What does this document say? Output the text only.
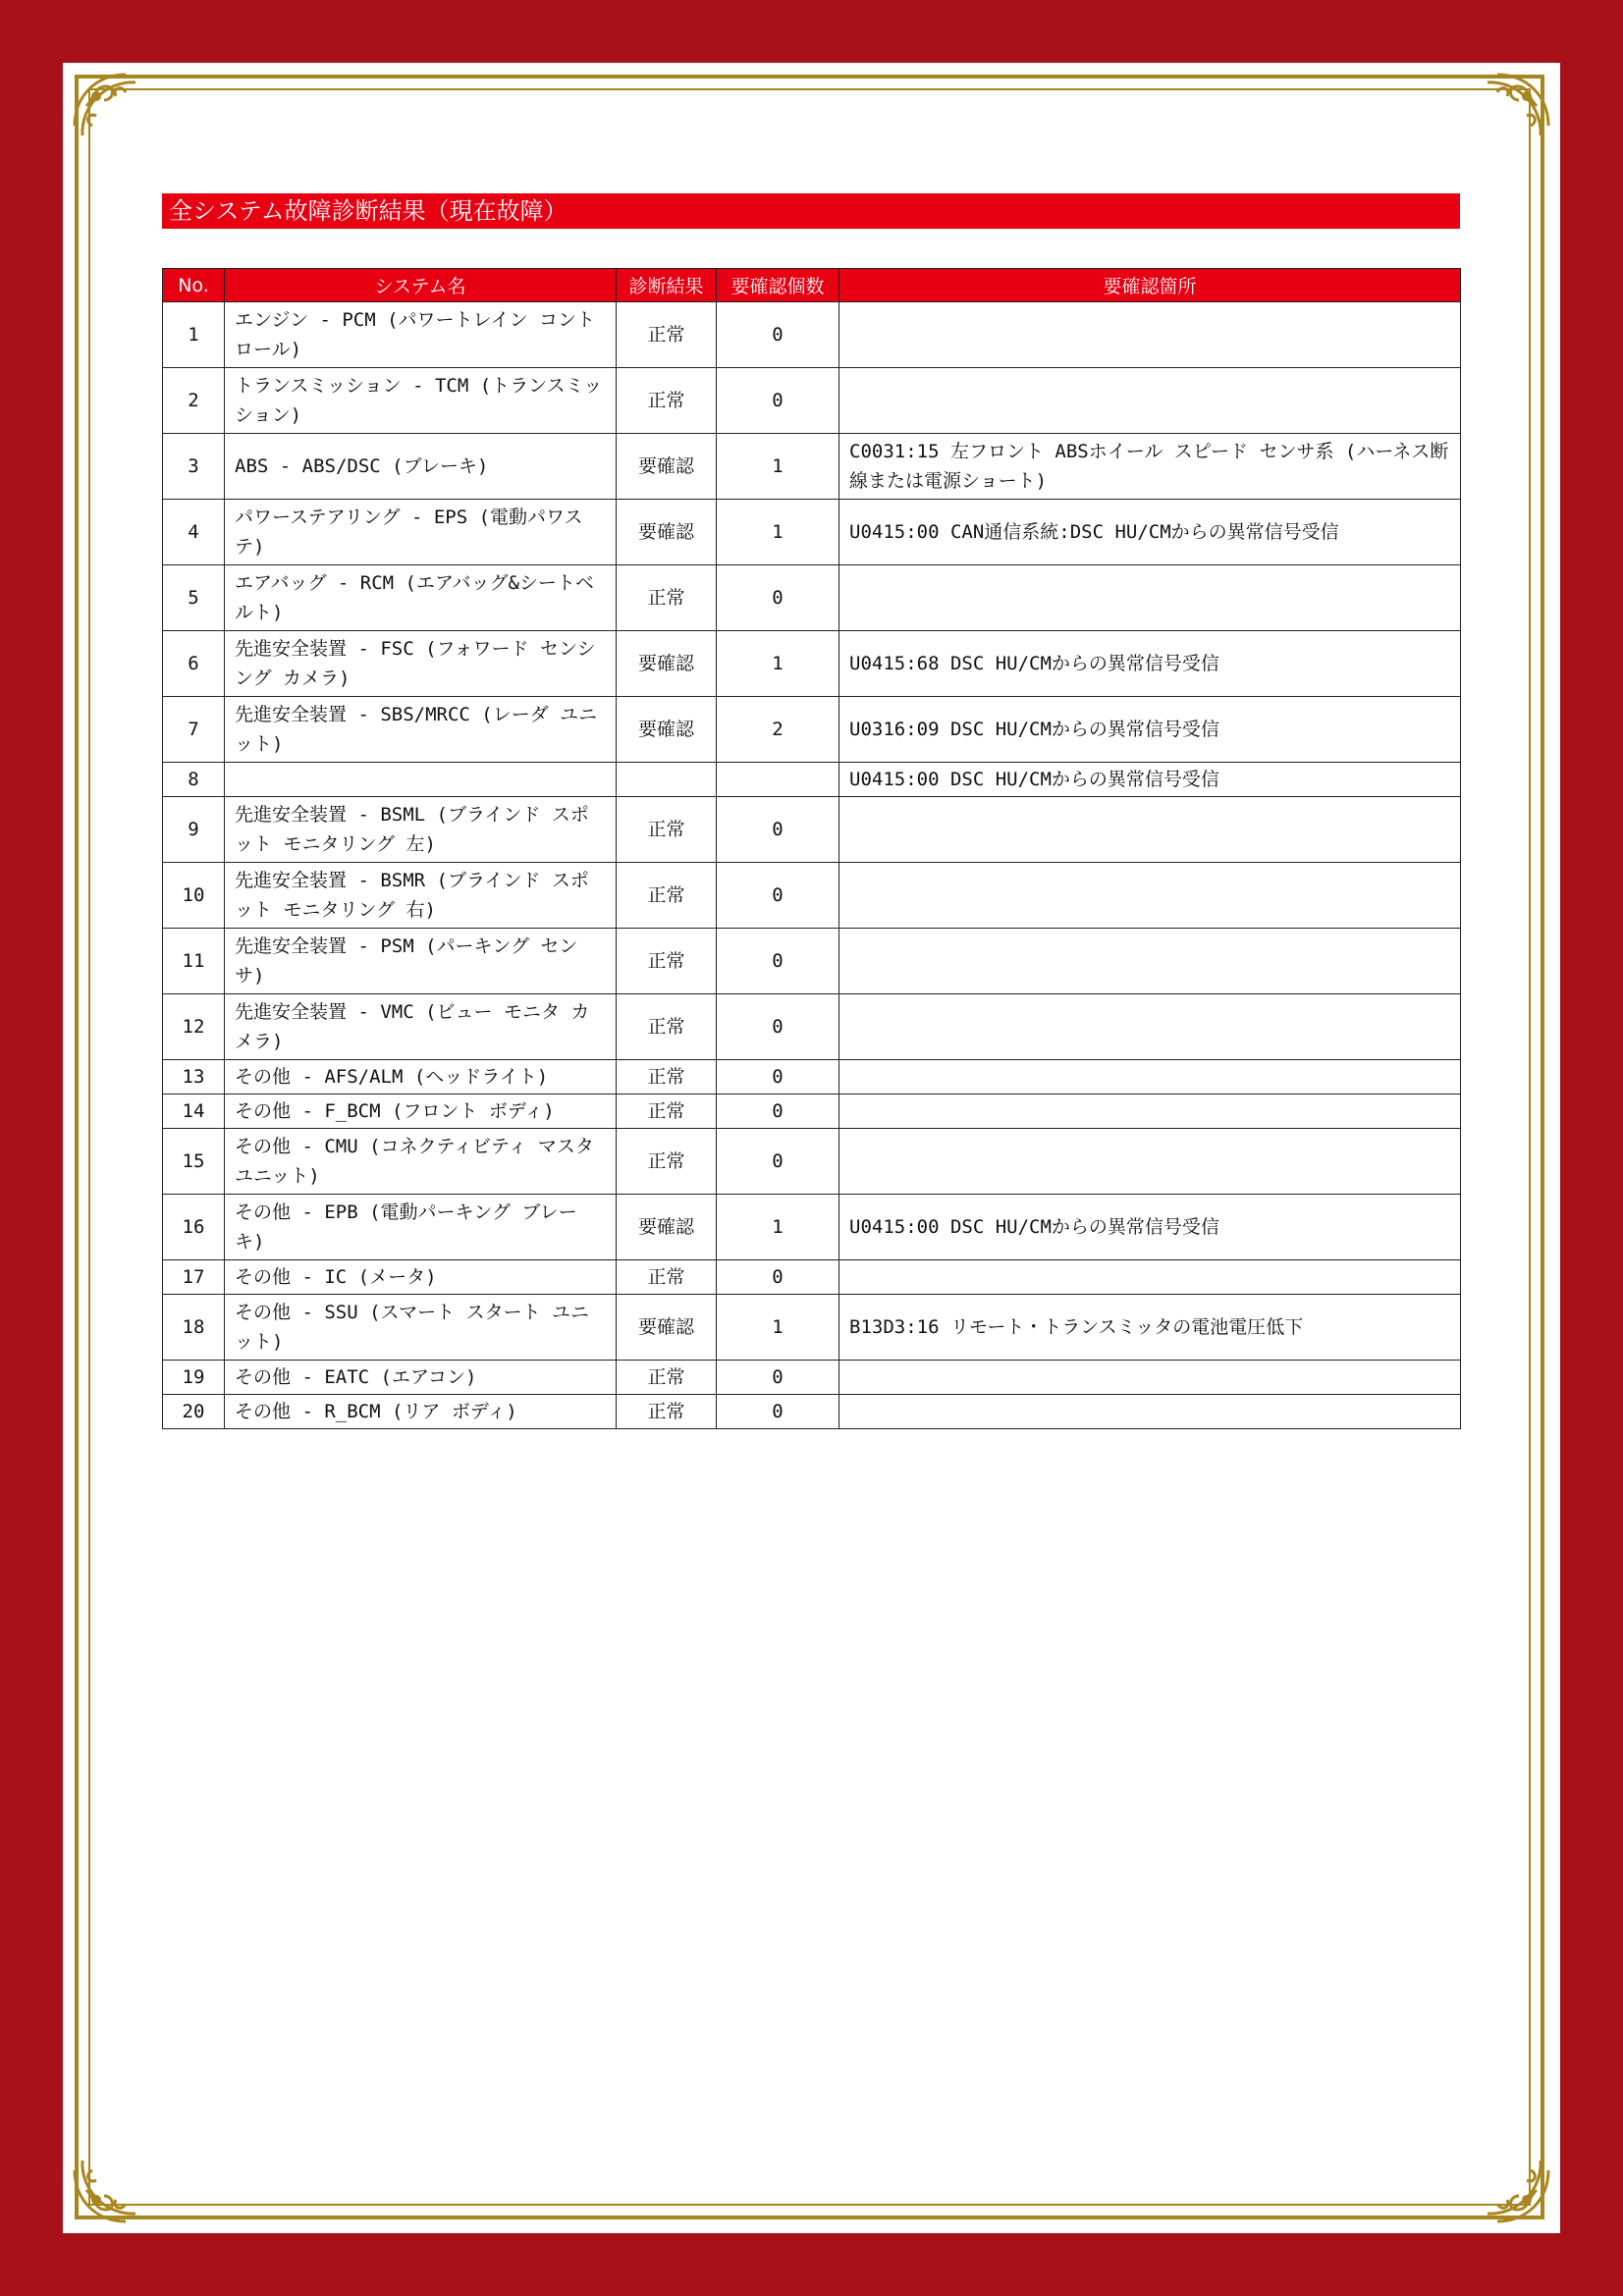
全システム故障診断結果（現在故障）
No.	システム名	診断結果	要確認個数	要確認箇所
1	エンジン - PCM (パワートレイン コントロール)	正常	0	
2	トランスミッション - TCM (トランスミッション)	正常	0	
3	ABS - ABS/DSC (ブレーキ)	要確認	1	C0031:15 左フロント ABSホイール スピード センサ系 (ハーネス断線または電源ショート)
4	パワーステアリング - EPS (電動パワステ)	要確認	1	U0415:00 CAN通信系統:DSC HU/CMからの異常信号受信
5	エアバッグ - RCM (エアバッグ&シートベルト)	正常	0	
6	先進安全装置 - FSC (フォワード センシング カメラ)	要確認	1	U0415:68 DSC HU/CMからの異常信号受信
7	先進安全装置 - SBS/MRCC (レーダ ユニット)	要確認	2	U0316:09 DSC HU/CMからの異常信号受信
8				U0415:00 DSC HU/CMからの異常信号受信
9	先進安全装置 - BSML (ブラインド スポット モニタリング 左)	正常	0	
10	先進安全装置 - BSMR (ブラインド スポット モニタリング 右)	正常	0	
11	先進安全装置 - PSM (パーキング センサ)	正常	0	
12	先進安全装置 - VMC (ビュー モニタ カメラ)	正常	0	
13	その他 - AFS/ALM (ヘッドライト)	正常	0	
14	その他 - F_BCM (フロント ボディ)	正常	0	
15	その他 - CMU (コネクティビティ マスタ ユニット)	正常	0	
16	その他 - EPB (電動パーキング ブレーキ)	要確認	1	U0415:00 DSC HU/CMからの異常信号受信
17	その他 - IC (メータ)	正常	0	
18	その他 - SSU (スマート スタート ユニット)	要確認	1	B13D3:16 リモート・トランスミッタの電池電圧低下
19	その他 - EATC (エアコン)	正常	0	
20	その他 - R_BCM (リア ボディ)	正常	0	
